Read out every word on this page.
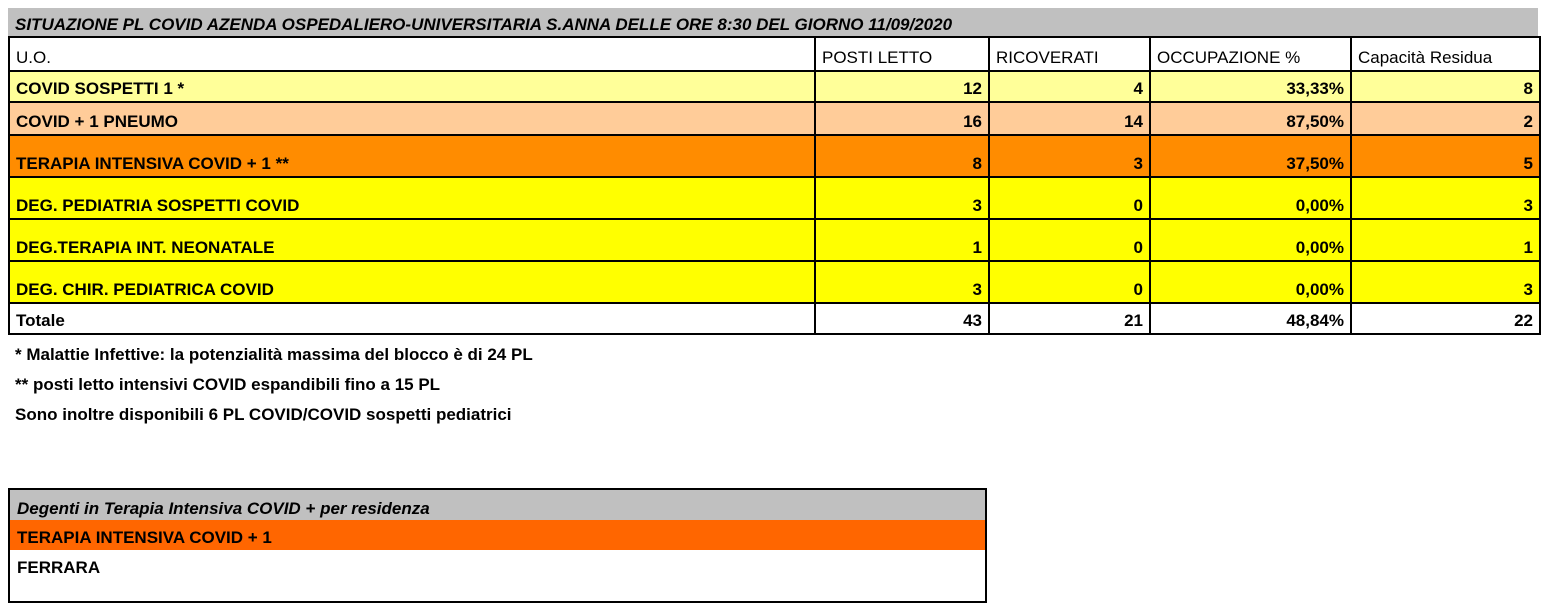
SITUAZIONE PL COVID AZENDA OSPEDALIERO-UNIVERSITARIA S.ANNA DELLE ORE 8:30 DEL GIORNO 11/09/2020
U.O.	POSTI LETTO	RICOVERATI	OCCUPAZIONE %	Capacità Residua
COVID SOSPETTI 1 *	12	4	33,33%	8
COVID + 1 PNEUMO	16	14	87,50%	2
TERAPIA INTENSIVA COVID + 1 **	8	3	37,50%	5
DEG. PEDIATRIA SOSPETTI COVID	3	0	0,00%	3
DEG.TERAPIA INT. NEONATALE	1	0	0,00%	1
DEG. CHIR. PEDIATRICA COVID	3	0	0,00%	3
Totale	43	21	48,84%	22
* Malattie Infettive: la potenzialità massima del blocco è di 24 PL
** posti letto intensivi COVID espandibili fino a 15 PL
Sono inoltre disponibili 6 PL COVID/COVID sospetti pediatrici
Degenti in Terapia Intensiva COVID + per residenza
TERAPIA INTENSIVA COVID + 1
FERRARA
